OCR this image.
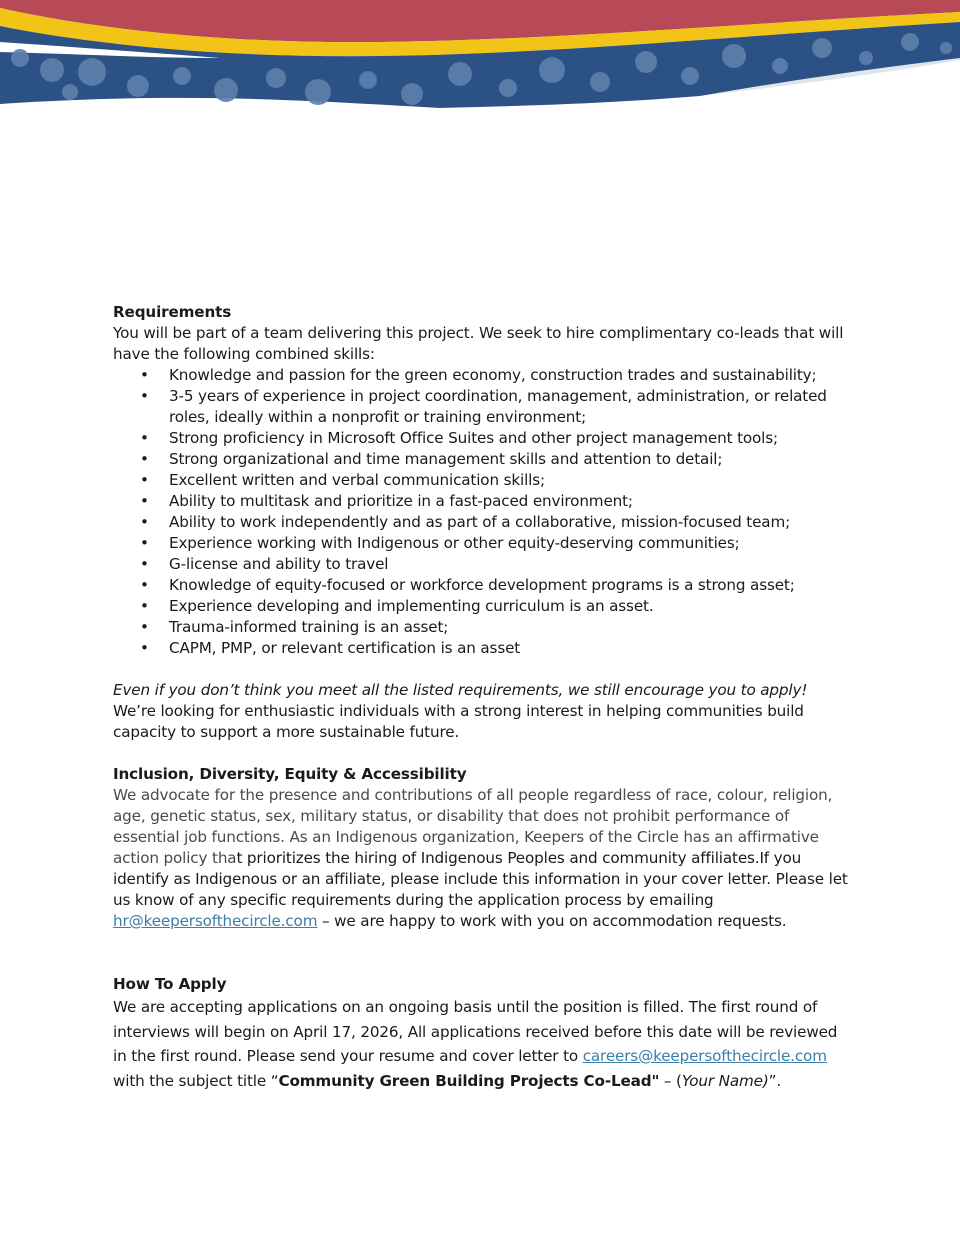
Requirements

You will be part of a team delivering this project. We seek to hire complimentary co-leads that will have the following combined skills:

• Knowledge and passion for the green economy, construction trades and sustainability;
• 3-5 years of experience in project coordination, management, administration, or related roles, ideally within a nonprofit or training environment;
• Strong proficiency in Microsoft Office Suites and other project management tools;
• Strong organizational and time management skills and attention to detail;
• Excellent written and verbal communication skills;
• Ability to multitask and prioritize in a fast-paced environment;
• Ability to work independently and as part of a collaborative, mission-focused team;
• Experience working with Indigenous or other equity-deserving communities;
• G-license and ability to travel
• Knowledge of equity-focused or workforce development programs is a strong asset;
• Experience developing and implementing curriculum is an asset.
• Trauma-informed training is an asset;
• CAPM, PMP, or relevant certification is an asset

Even if you don’t think you meet all the listed requirements, we still encourage you to apply! We’re looking for enthusiastic individuals with a strong interest in helping communities build capacity to support a more sustainable future.

Inclusion, Diversity, Equity & Accessibility

We advocate for the presence and contributions of all people regardless of race, colour, religion, age, genetic status, sex, military status, or disability that does not prohibit performance of essential job functions. As an Indigenous organization, Keepers of the Circle has an affirmative action policy that prioritizes the hiring of Indigenous Peoples and community affiliates.If you identify as Indigenous or an affiliate, please include this information in your cover letter. Please let us know of any specific requirements during the application process by emailing hr@keepersofthecircle.com – we are happy to work with you on accommodation requests.

How To Apply

We are accepting applications on an ongoing basis until the position is filled. The first round of interviews will begin on April 17, 2026, All applications received before this date will be reviewed in the first round. Please send your resume and cover letter to careers@keepersofthecircle.com with the subject title “Community Green Building Projects Co-Lead" – (Your Name)”.
